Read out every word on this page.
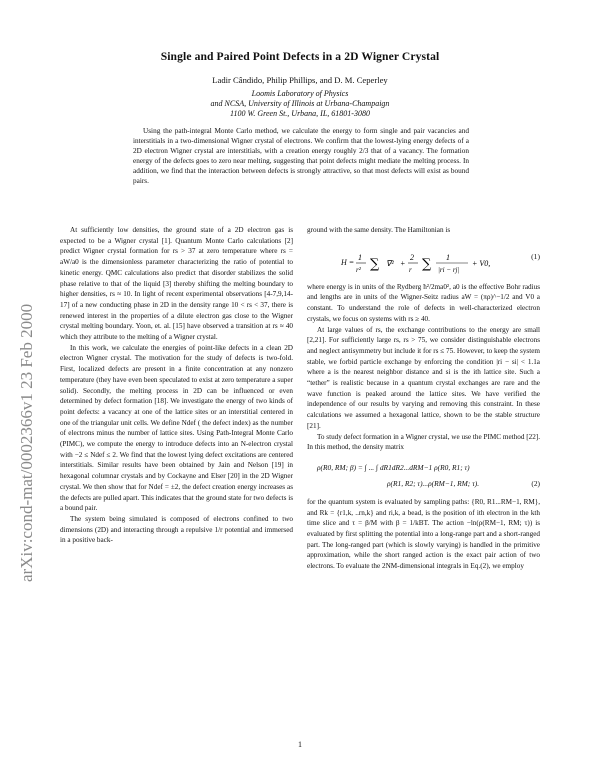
Single and Paired Point Defects in a 2D Wigner Crystal
Ladir Cândido, Philip Phillips, and D. M. Ceperley
Loomis Laboratory of Physics
and NCSA, University of Illinois at Urbana-Champaign
1100 W. Green St., Urbana, IL, 61801-3080
Using the path-integral Monte Carlo method, we calculate the energy to form single and pair vacancies and interstitials in a two-dimensional Wigner crystal of electrons. We confirm that the lowest-lying energy defects of a 2D electron Wigner crystal are interstitials, with a creation energy roughly 2/3 that of a vacancy. The formation energy of the defects goes to zero near melting, suggesting that point defects might mediate the melting process. In addition, we find that the interaction between defects is strongly attractive, so that most defects will exist as bound pairs.
arXiv:cond-mat/0002366v1 23 Feb 2000

At sufficiently low densities, the ground state of a 2D electron gas is expected to be a Wigner crystal [1]. Quantum Monte Carlo calculations [2] predict Wigner crystal formation for rs > 37 at zero temperature where rs = aW/a0 is the dimensionless parameter characterizing the ratio of potential to kinetic energy. QMC calculations also predict that disorder stabilizes the solid phase relative to that of the liquid [3] thereby shifting the melting boundary to higher densities, rs ≈ 10. In light of recent experimental observations [4-7,9,14-17] of a new conducting phase in 2D in the density range 10 < rs < 37, there is renewed interest in the properties of a dilute electron gas close to the Wigner crystal melting boundary. Yoon, et. al. [15] have observed a transition at rs ≈ 40 which they attribute to the melting of a Wigner crystal.

In this work, we calculate the energies of point-like defects in a clean 2D electron Wigner crystal. The motivation for the study of defects is two-fold. First, localized defects are present in a finite concentration at any nonzero temperature (they have even been speculated to exist at zero temperature a super solid). Secondly, the melting process in 2D can be influenced or even determined by defect formation [18]. We investigate the energy of two kinds of point defects: a vacancy at one of the lattice sites or an interstitial centered in one of the triangular unit cells. We define Ndef ( the defect index) as the number of electrons minus the number of lattice sites. Using Path-Integral Monte Carlo (PIMC), we compute the energy to introduce defects into an N-electron crystal with −2 ≤ Ndef ≤ 2. We find that the lowest lying defect excitations are centered interstitials. Similar results have been obtained by Jain and Nelson [19] in hexagonal columnar crystals and by Cockayne and Elser [20] in the 2D Wigner crystal. We then show that for Ndef = ±2, the defect creation energy increases as the defects are pulled apart. This indicates that the ground state for two defects is a bound pair.

The system being simulated is composed of electrons confined to two dimensions (2D) and interacting through a repulsive 1/r potential and immersed in a positive back-

ground with the same density. The Hamiltonian is

H =
1
r² ∑ ∇² +
2
r ∑ 1
|ri − rj|
+ V0,
(1)

where energy is in units of the Rydberg ħ²/2ma0², a0 is the effective Bohr radius and lengths are in units of the Wigner-Seitz radius aW = (πρ)^−1/2 and V0 a constant. To understand the role of defects in well-characterized electron crystals, we focus on systems with rs ≥ 40.

At large values of rs, the exchange contributions to the energy are small [2,21]. For sufficiently large rs, rs > 75, we consider distinguishable electrons and neglect antisymmetry but include it for rs ≤ 75. However, to keep the system stable, we forbid particle exchange by enforcing the condition |ri − si| < 1.1a where a is the nearest neighbor distance and si is the ith lattice site. Such a “tether” is realistic because in a quantum crystal exchanges are rare and the wave function is peaked around the lattice sites. We have verified the independence of our results by varying and removing this constraint. In these calculations we assumed a hexagonal lattice, shown to be the stable structure [21].

To study defect formation in a Wigner crystal, we use the PIMC method [22]. In this method, the density matrix

ρ(R0, RM; β) = ∫ ... ∫ dR1dR2...dRM−1 ρ(R0, R1; τ)
ρ(R1, R2; τ)...ρ(RM−1, RM; τ).	(2)

for the quantum system is evaluated by sampling paths: {R0, R1...RM−1, RM}, and Rk = {r1,k, ..rn,k} and ri,k, a bead, is the position of ith electron in the kth time slice and τ = β/M with β = 1/kBT. The action −ln(ρ(RM−1, RM; τ)) is evaluated by first splitting the potential into a long-range part and a short-ranged part. The long-ranged part (which is slowly varying) is handled in the primitive approximation, while the short ranged action is the exact pair action of two electrons. To evaluate the 2NM-dimensional integrals in Eq.(2), we employ

1
